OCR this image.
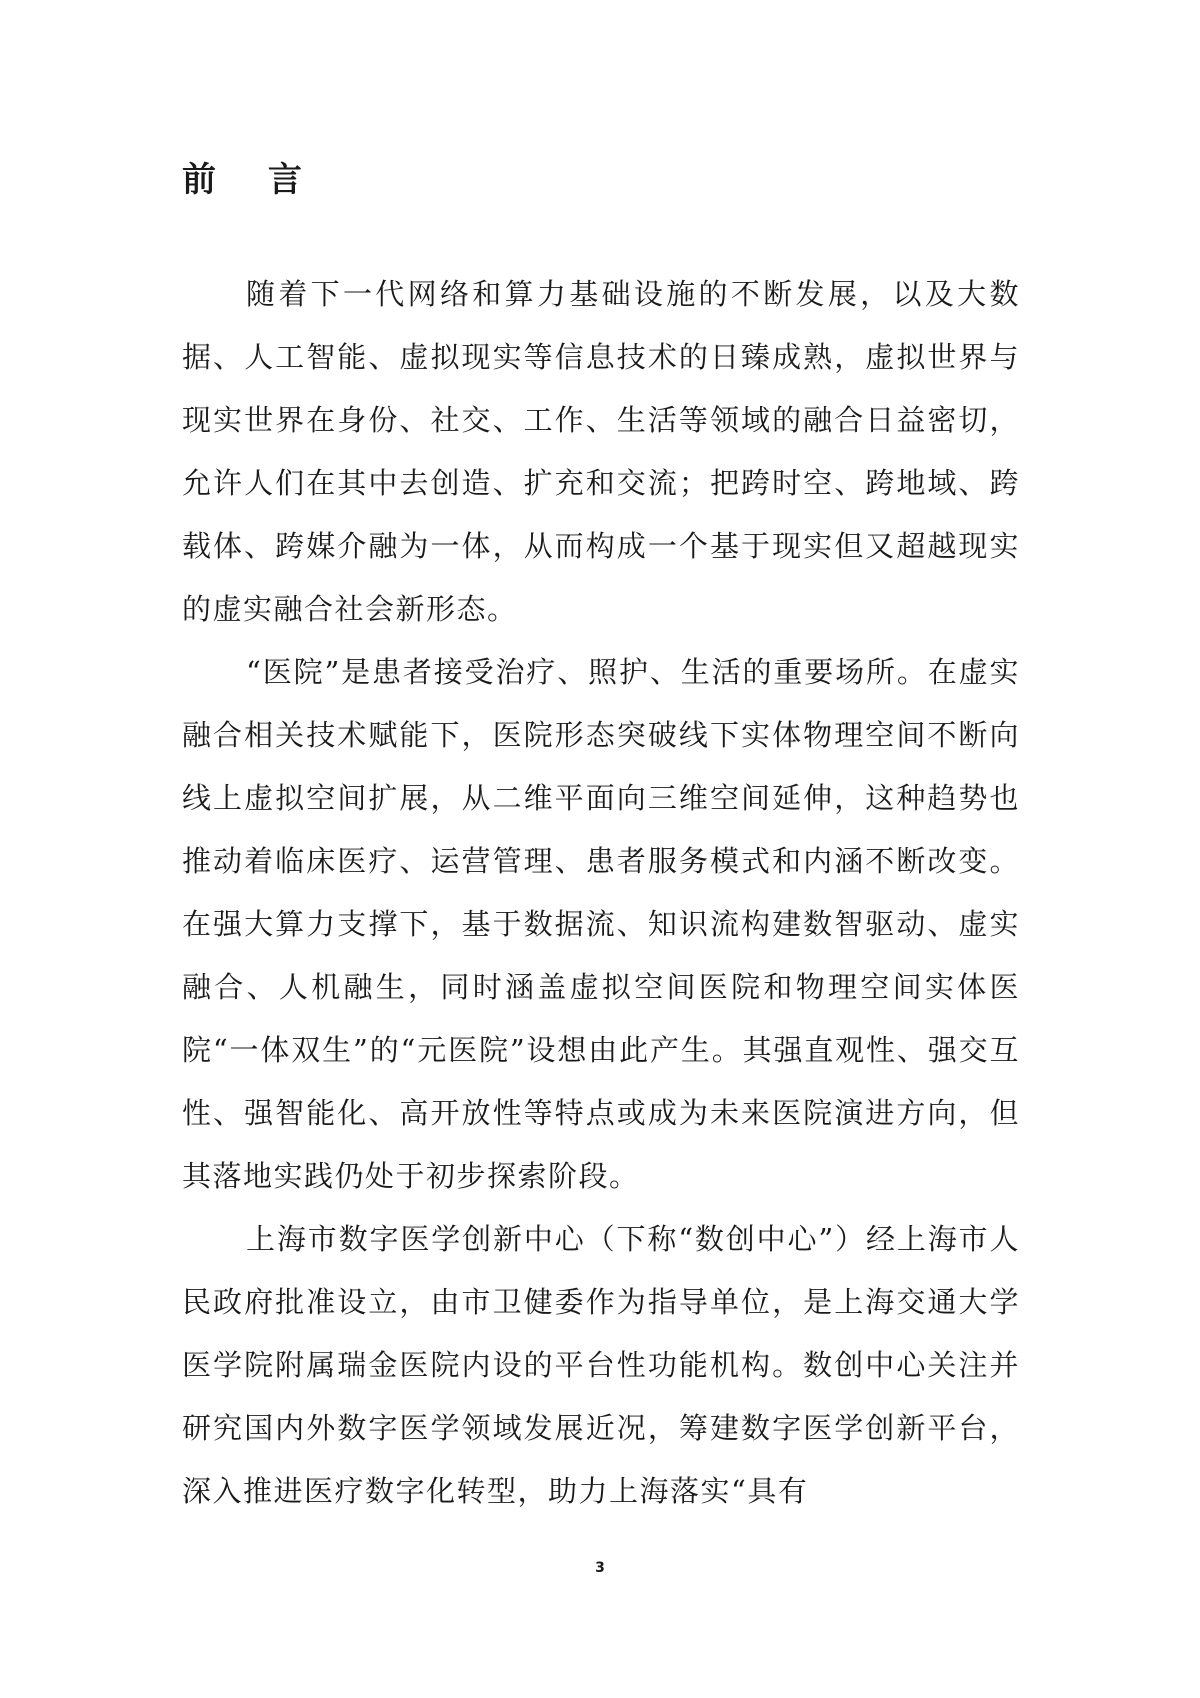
前 言

随着下一代网络和算力基础设施的不断发展，以及大数据、人工智能、虚拟现实等信息技术的日臻成熟，虚拟世界与现实世界在身份、社交、工作、生活等领域的融合日益密切，允许人们在其中去创造、扩充和交流；把跨时空、跨地域、跨载体、跨媒介融为一体，从而构成一个基于现实但又超越现实的虚实融合社会新形态。

“医院”是患者接受治疗、照护、生活的重要场所。在虚实融合相关技术赋能下，医院形态突破线下实体物理空间不断向线上虚拟空间扩展，从二维平面向三维空间延伸，这种趋势也推动着临床医疗、运营管理、患者服务模式和内涵不断改变。在强大算力支撑下，基于数据流、知识流构建数智驱动、虚实融合、人机融生，同时涵盖虚拟空间医院和物理空间实体医院“一体双生”的“元医院”设想由此产生。其强直观性、强交互性、强智能化、高开放性等特点或成为未来医院演进方向，但其落地实践仍处于初步探索阶段。

上海市数字医学创新中心（下称“数创中心”）经上海市人民政府批准设立，由市卫健委作为指导单位，是上海交通大学医学院附属瑞金医院内设的平台性功能机构。数创中心关注并研究国内外数字医学领域发展近况，筹建数字医学创新平台，深入推进医疗数字化转型，助力上海落实“具有

3
